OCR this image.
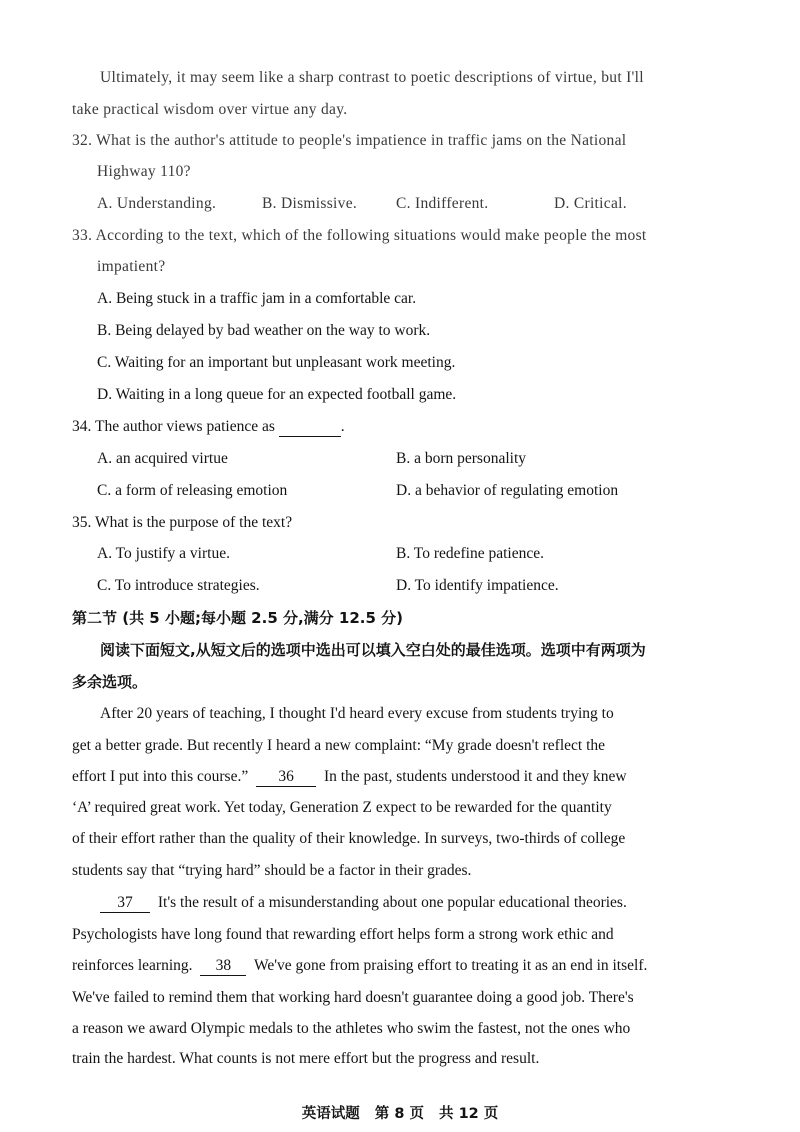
Ultimately, it may seem like a sharp contrast to poetic descriptions of virtue, but I'll
take practical wisdom over virtue any day.
32. What is the author's attitude to people's impatience in traffic jams on the National
Highway 110?
A. Understanding.	B. Dismissive.	C. Indifferent.	D. Critical.
33. According to the text, which of the following situations would make people the most
impatient?
A. Being stuck in a traffic jam in a comfortable car.
B. Being delayed by bad weather on the way to work.
C. Waiting for an important but unpleasant work meeting.
D. Waiting in a long queue for an expected football game.
34. The author views patience as	.
A. an acquired virtue	B. a born personality
C. a form of releasing emotion	D. a behavior of regulating emotion
35. What is the purpose of the text?
A. To justify a virtue.	B. To redefine patience.
C. To introduce strategies.	D. To identify impatience.
第二节 (共 5 小题;每小题 2.5 分,满分 12.5 分)
阅读下面短文,从短文后的选项中选出可以填入空白处的最佳选项。选项中有两项为
多余选项。
After 20 years of teaching, I thought I'd heard every excuse from students trying to
get a better grade. But recently I heard a new complaint: “My grade doesn't reflect the
effort I put into this course.” 36 In the past, students understood it and they knew
‘A’ required great work. Yet today, Generation Z expect to be rewarded for the quantity
of their effort rather than the quality of their knowledge. In surveys, two-thirds of college
students say that “trying hard” should be a factor in their grades.
37 It's the result of a misunderstanding about one popular educational theories.
Psychologists have long found that rewarding effort helps form a strong work ethic and
reinforces learning. 38 We've gone from praising effort to treating it as an end in itself.
We've failed to remind them that working hard doesn't guarantee doing a good job. There's
a reason we award Olympic medals to the athletes who swim the fastest, not the ones who
train the hardest. What counts is not mere effort but the progress and result.
英语试题 第 8 页 共 12 页
